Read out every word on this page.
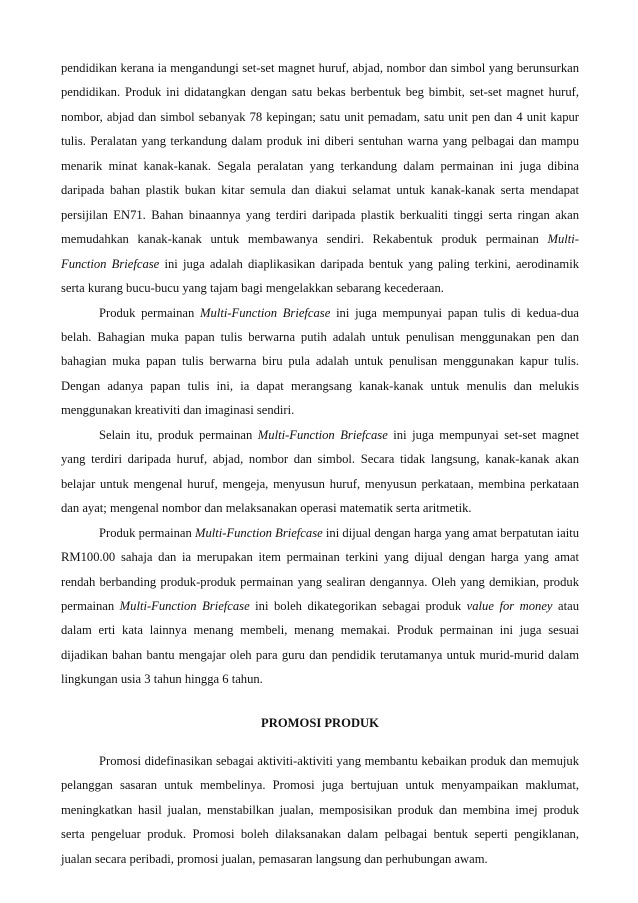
pendidikan kerana ia mengandungi set-set magnet huruf, abjad, nombor dan simbol yang berunsurkan pendidikan. Produk ini didatangkan dengan satu bekas berbentuk beg bimbit, set-set magnet huruf, nombor, abjad dan simbol sebanyak 78 kepingan; satu unit pemadam, satu unit pen dan 4 unit kapur tulis. Peralatan yang terkandung dalam produk ini diberi sentuhan warna yang pelbagai dan mampu menarik minat kanak-kanak. Segala peralatan yang terkandung dalam permainan ini juga dibina daripada bahan plastik bukan kitar semula dan diakui selamat untuk kanak-kanak serta mendapat persijilan EN71. Bahan binaannya yang terdiri daripada plastik berkualiti tinggi serta ringan akan memudahkan kanak-kanak untuk membawanya sendiri. Rekabentuk produk permainan Multi-Function Briefcase ini juga adalah diaplikasikan daripada bentuk yang paling terkini, aerodinamik serta kurang bucu-bucu yang tajam bagi mengelakkan sebarang kecederaan.

Produk permainan Multi-Function Briefcase ini juga mempunyai papan tulis di kedua-dua belah. Bahagian muka papan tulis berwarna putih adalah untuk penulisan menggunakan pen dan bahagian muka papan tulis berwarna biru pula adalah untuk penulisan menggunakan kapur tulis. Dengan adanya papan tulis ini, ia dapat merangsang kanak-kanak untuk menulis dan melukis menggunakan kreativiti dan imaginasi sendiri.

Selain itu, produk permainan Multi-Function Briefcase ini juga mempunyai set-set magnet yang terdiri daripada huruf, abjad, nombor dan simbol. Secara tidak langsung, kanak-kanak akan belajar untuk mengenal huruf, mengeja, menyusun huruf, menyusun perkataan, membina perkataan dan ayat; mengenal nombor dan melaksanakan operasi matematik serta aritmetik.

Produk permainan Multi-Function Briefcase ini dijual dengan harga yang amat berpatutan iaitu RM100.00 sahaja dan ia merupakan item permainan terkini yang dijual dengan harga yang amat rendah berbanding produk-produk permainan yang sealiran dengannya. Oleh yang demikian, produk permainan Multi-Function Briefcase ini boleh dikategorikan sebagai produk value for money atau dalam erti kata lainnya menang membeli, menang memakai. Produk permainan ini juga sesuai dijadikan bahan bantu mengajar oleh para guru dan pendidik terutamanya untuk murid-murid dalam lingkungan usia 3 tahun hingga 6 tahun.

PROMOSI PRODUK

Promosi didefinasikan sebagai aktiviti-aktiviti yang membantu kebaikan produk dan memujuk pelanggan sasaran untuk membelinya. Promosi juga bertujuan untuk menyampaikan maklumat, meningkatkan hasil jualan, menstabilkan jualan, memposisikan produk dan membina imej produk serta pengeluar produk. Promosi boleh dilaksanakan dalam pelbagai bentuk seperti pengiklanan, jualan secara peribadi, promosi jualan, pemasaran langsung dan perhubungan awam.
